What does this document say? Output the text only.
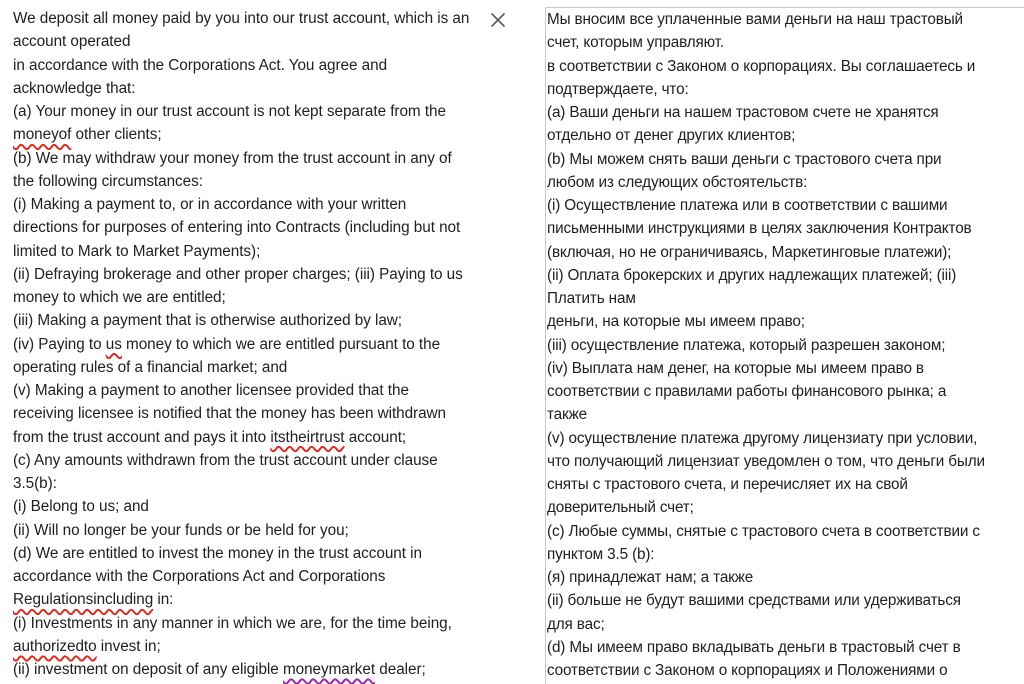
We deposit all money paid by you into our trust account, which is an
account operated
in accordance with the Corporations Act. You agree and
acknowledge that:
(a) Your money in our trust account is not kept separate from the
moneyof other clients;
(b) We may withdraw your money from the trust account in any of
the following circumstances:
(i) Making a payment to, or in accordance with your written
directions for purposes of entering into Contracts (including but not
limited to Mark to Market Payments);
(ii) Defraying brokerage and other proper charges; (iii) Paying to us
money to which we are entitled;
(iii) Making a payment that is otherwise authorized by law;
(iv) Paying to us money to which we are entitled pursuant to the
operating rules of a financial market; and
(v) Making a payment to another licensee provided that the
receiving licensee is notified that the money has been withdrawn
from the trust account and pays it into itstheirtrust account;
(c) Any amounts withdrawn from the trust account under clause
3.5(b):
(i) Belong to us; and
(ii) Will no longer be your funds or be held for you;
(d) We are entitled to invest the money in the trust account in
accordance with the Corporations Act and Corporations
Regulationsincluding in:
(i) Investments in any manner in which we are, for the time being,
authorizedto invest in;
(ii) investment on deposit of any eligible moneymarket dealer;
Мы вносим все уплаченные вами деньги на наш трастовый
счет, которым управляют.
в соответствии с Законом о корпорациях. Вы соглашаетесь и
подтверждаете, что:
(a) Ваши деньги на нашем трастовом счете не хранятся
отдельно от денег других клиентов;
(b) Мы можем снять ваши деньги с трастового счета при
любом из следующих обстоятельств:
(i) Осуществление платежа или в соответствии с вашими
письменными инструкциями в целях заключения Контрактов
(включая, но не ограничиваясь, Маркетинговые платежи);
(ii) Оплата брокерских и других надлежащих платежей; (iii)
Платить нам
деньги, на которые мы имеем право;
(iii) осуществление платежа, который разрешен законом;
(iv) Выплата нам денег, на которые мы имеем право в
соответствии с правилами работы финансового рынка; а
также
(v) осуществление платежа другому лицензиату при условии,
что получающий лицензиат уведомлен о том, что деньги были
сняты с трастового счета, и перечисляет их на свой
доверительный счет;
(c) Любые суммы, снятые с трастового счета в соответствии с
пунктом 3.5 (b):
(я) принадлежат нам; а также
(ii) больше не будут вашими средствами или удерживаться
для вас;
(d) Мы имеем право вкладывать деньги в трастовый счет в
соответствии с Законом о корпорациях и Положениями о
